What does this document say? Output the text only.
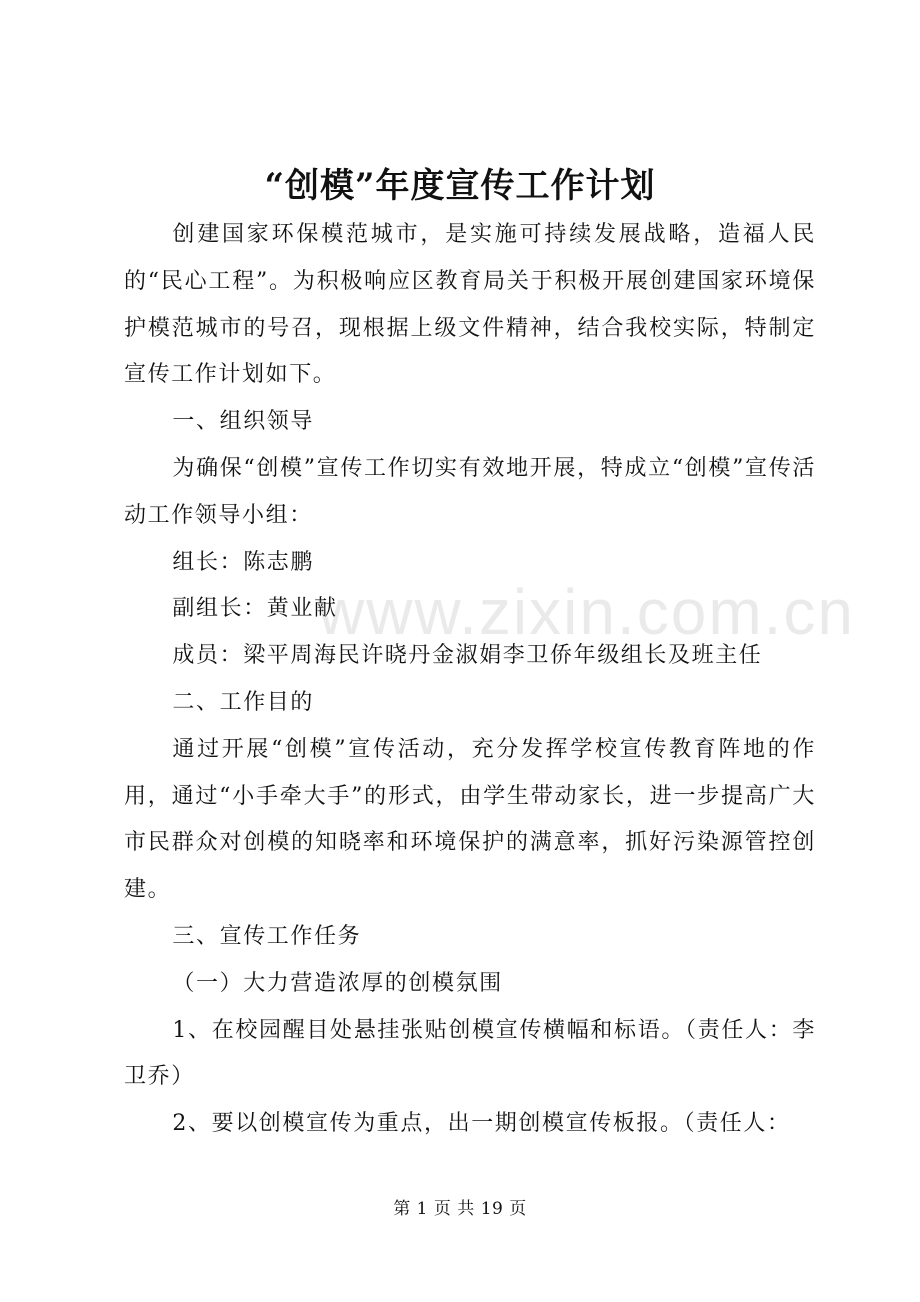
“创模”年度宣传工作计划

创建国家环保模范城市，是实施可持续发展战略，造福人民的“民心工程”。为积极响应区教育局关于积极开展创建国家环境保护模范城市的号召，现根据上级文件精神，结合我校实际，特制定宣传工作计划如下。

一、组织领导

为确保“创模”宣传工作切实有效地开展，特成立“创模”宣传活动工作领导小组：

组长：陈志鹏

副组长：黄业献

成员：梁平周海民许晓丹金淑娟李卫侨年级组长及班主任

二、工作目的

通过开展“创模”宣传活动，充分发挥学校宣传教育阵地的作用，通过“小手牵大手”的形式，由学生带动家长，进一步提高广大市民群众对创模的知晓率和环境保护的满意率，抓好污染源管控创建。

三、宣传工作任务

（一）大力营造浓厚的创模氛围

1、在校园醒目处悬挂张贴创模宣传横幅和标语。（责任人：李卫乔）

2、要以创模宣传为重点，出一期创模宣传板报。（责任人：

www.zixin.com.cn
第 1 页 共 19 页
